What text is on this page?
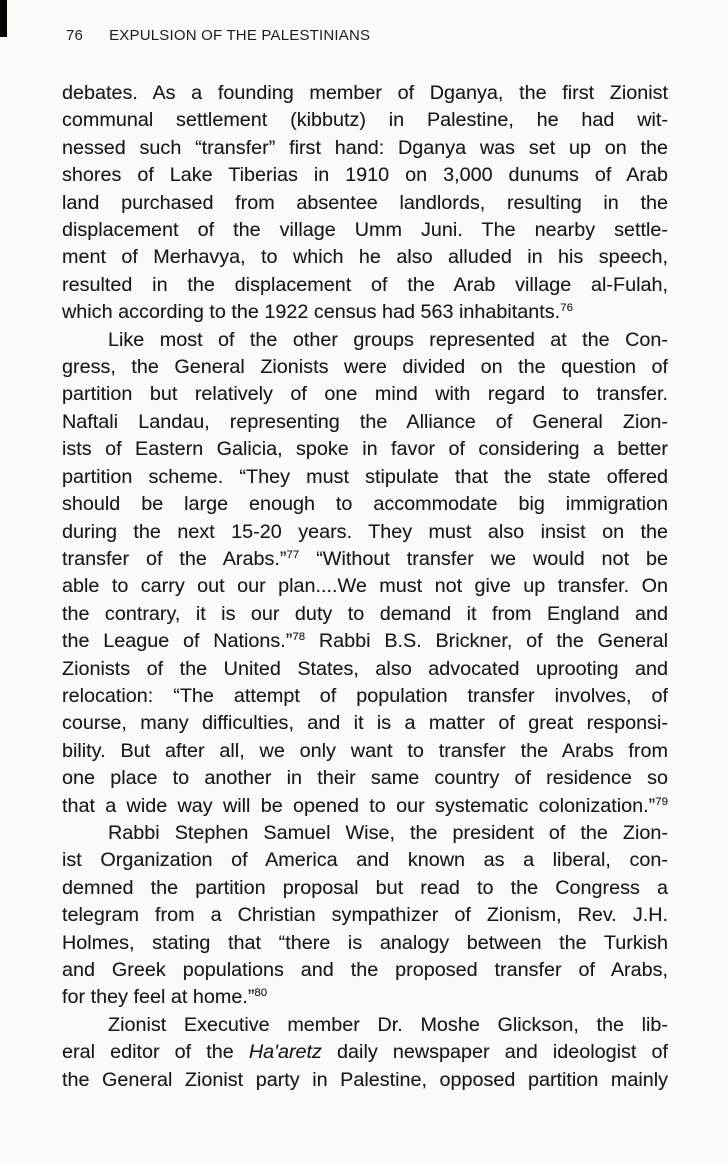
76 EXPULSION OF THE PALESTINIANS
debates. As a founding member of Dganya, the first Zionist
communal settlement (kibbutz) in Palestine, he had wit-
nessed such “transfer” first hand: Dganya was set up on the
shores of Lake Tiberias in 1910 on 3,000 dunums of Arab
land purchased from absentee landlords, resulting in the
displacement of the village Umm Juni. The nearby settle-
ment of Merhavya, to which he also alluded in his speech,
resulted in the displacement of the Arab village al-Fulah,
which according to the 1922 census had 563 inhabitants.$^{76}$
Like most of the other groups represented at the Con-
gress, the General Zionists were divided on the question of
partition but relatively of one mind with regard to transfer.
Naftali Landau, representing the Alliance of General Zion-
ists of Eastern Galicia, spoke in favor of considering a better
partition scheme. “They must stipulate that the state offered
should be large enough to accommodate big immigration
during the next 15-20 years. They must also insist on the
transfer of the Arabs.”$^{77}$ “Without transfer we would not be
able to carry out our plan....We must not give up transfer. On
the contrary, it is our duty to demand it from England and
the League of Nations.”$^{78}$ Rabbi B.S. Brickner, of the General
Zionists of the United States, also advocated uprooting and
relocation: “The attempt of population transfer involves, of
course, many difficulties, and it is a matter of great responsi-
bility. But after all, we only want to transfer the Arabs from
one place to another in their same country of residence so
that a wide way will be opened to our systematic colonization.”$^{79}$
Rabbi Stephen Samuel Wise, the president of the Zion-
ist Organization of America and known as a liberal, con-
demned the partition proposal but read to the Congress a
telegram from a Christian sympathizer of Zionism, Rev. J.H.
Holmes, stating that “there is analogy between the Turkish
and Greek populations and the proposed transfer of Arabs,
for they feel at home.”$^{80}$
Zionist Executive member Dr. Moshe Glickson, the lib-
eral editor of the Ha'aretz daily newspaper and ideologist of
the General Zionist party in Palestine, opposed partition mainly
